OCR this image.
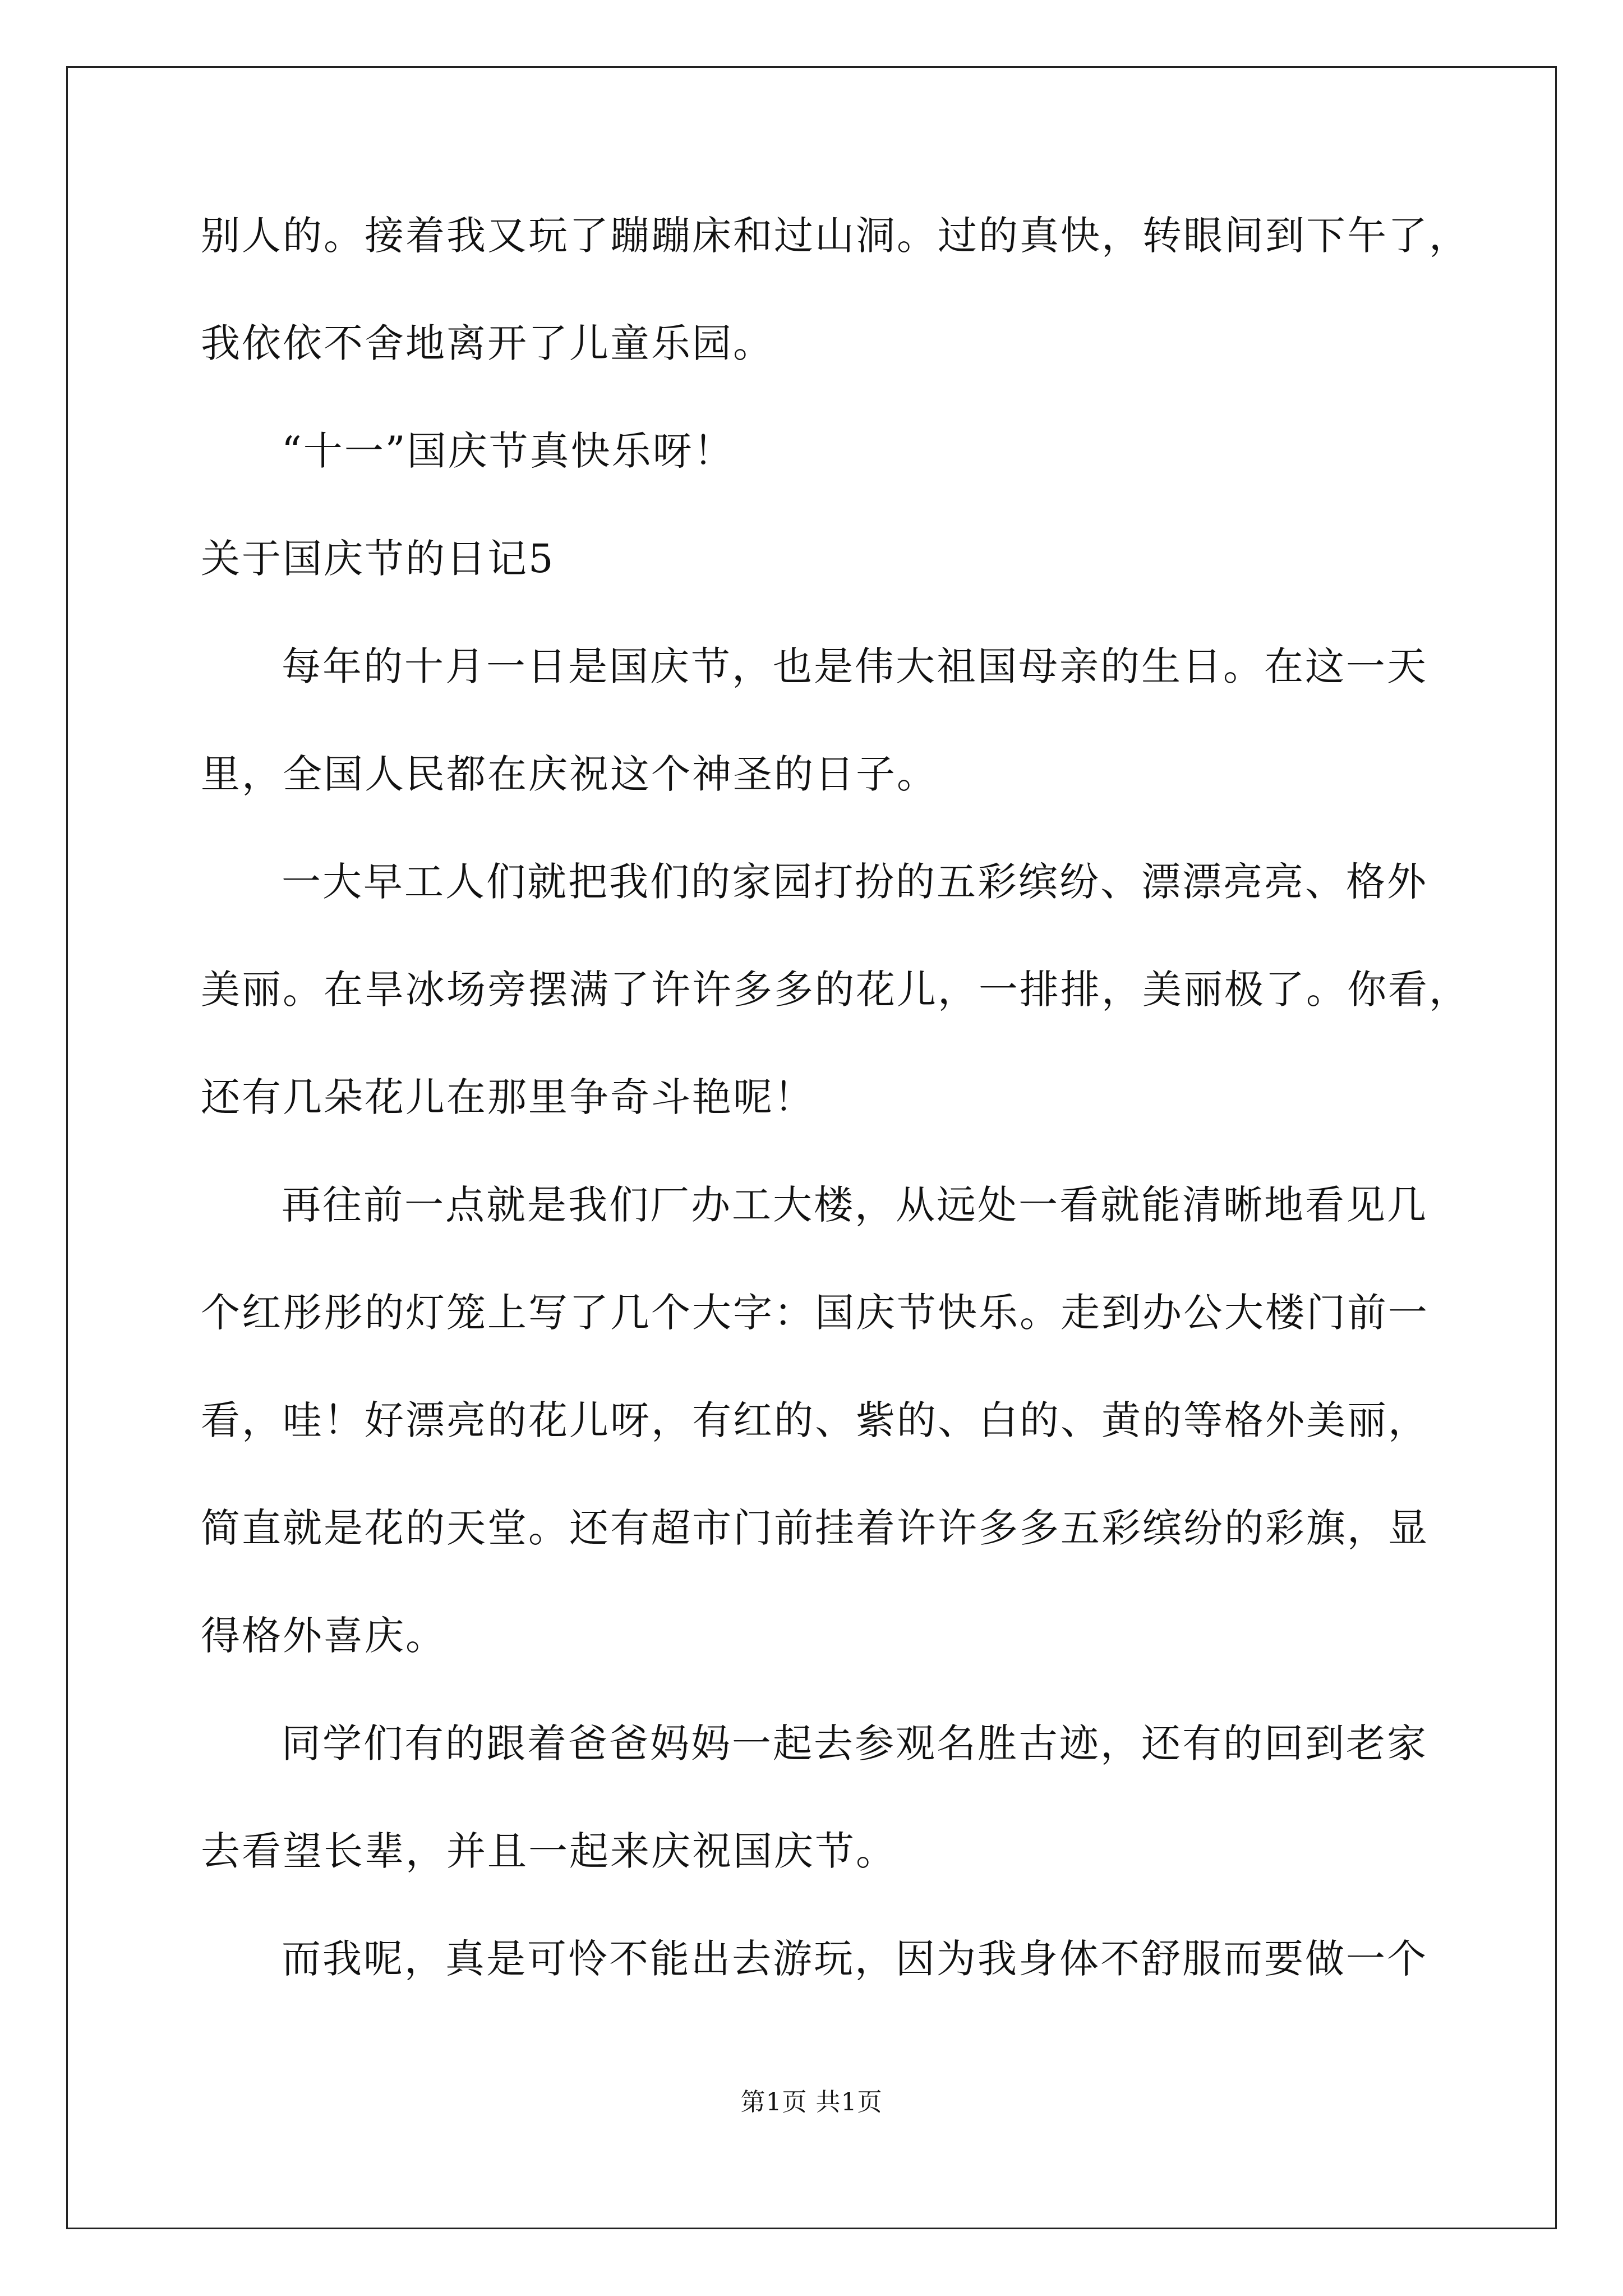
别人的。接着我又玩了蹦蹦床和过山洞。过的真快，转眼间到下午了，

我依依不舍地离开了儿童乐园。

“十一”国庆节真快乐呀！

关于国庆节的日记5

每年的十月一日是国庆节，也是伟大祖国母亲的生日。在这一天

里，全国人民都在庆祝这个神圣的日子。

一大早工人们就把我们的家园打扮的五彩缤纷、漂漂亮亮、格外

美丽。在旱冰场旁摆满了许许多多的花儿，一排排，美丽极了。你看，

还有几朵花儿在那里争奇斗艳呢！

再往前一点就是我们厂办工大楼，从远处一看就能清晰地看见几

个红彤彤的灯笼上写了几个大字：国庆节快乐。走到办公大楼门前一

看，哇！好漂亮的花儿呀，有红的、紫的、白的、黄的等格外美丽，

简直就是花的天堂。还有超市门前挂着许许多多五彩缤纷的彩旗，显

得格外喜庆。

同学们有的跟着爸爸妈妈一起去参观名胜古迹，还有的回到老家

去看望长辈，并且一起来庆祝国庆节。

而我呢，真是可怜不能出去游玩，因为我身体不舒服而要做一个

第1页 共1页
